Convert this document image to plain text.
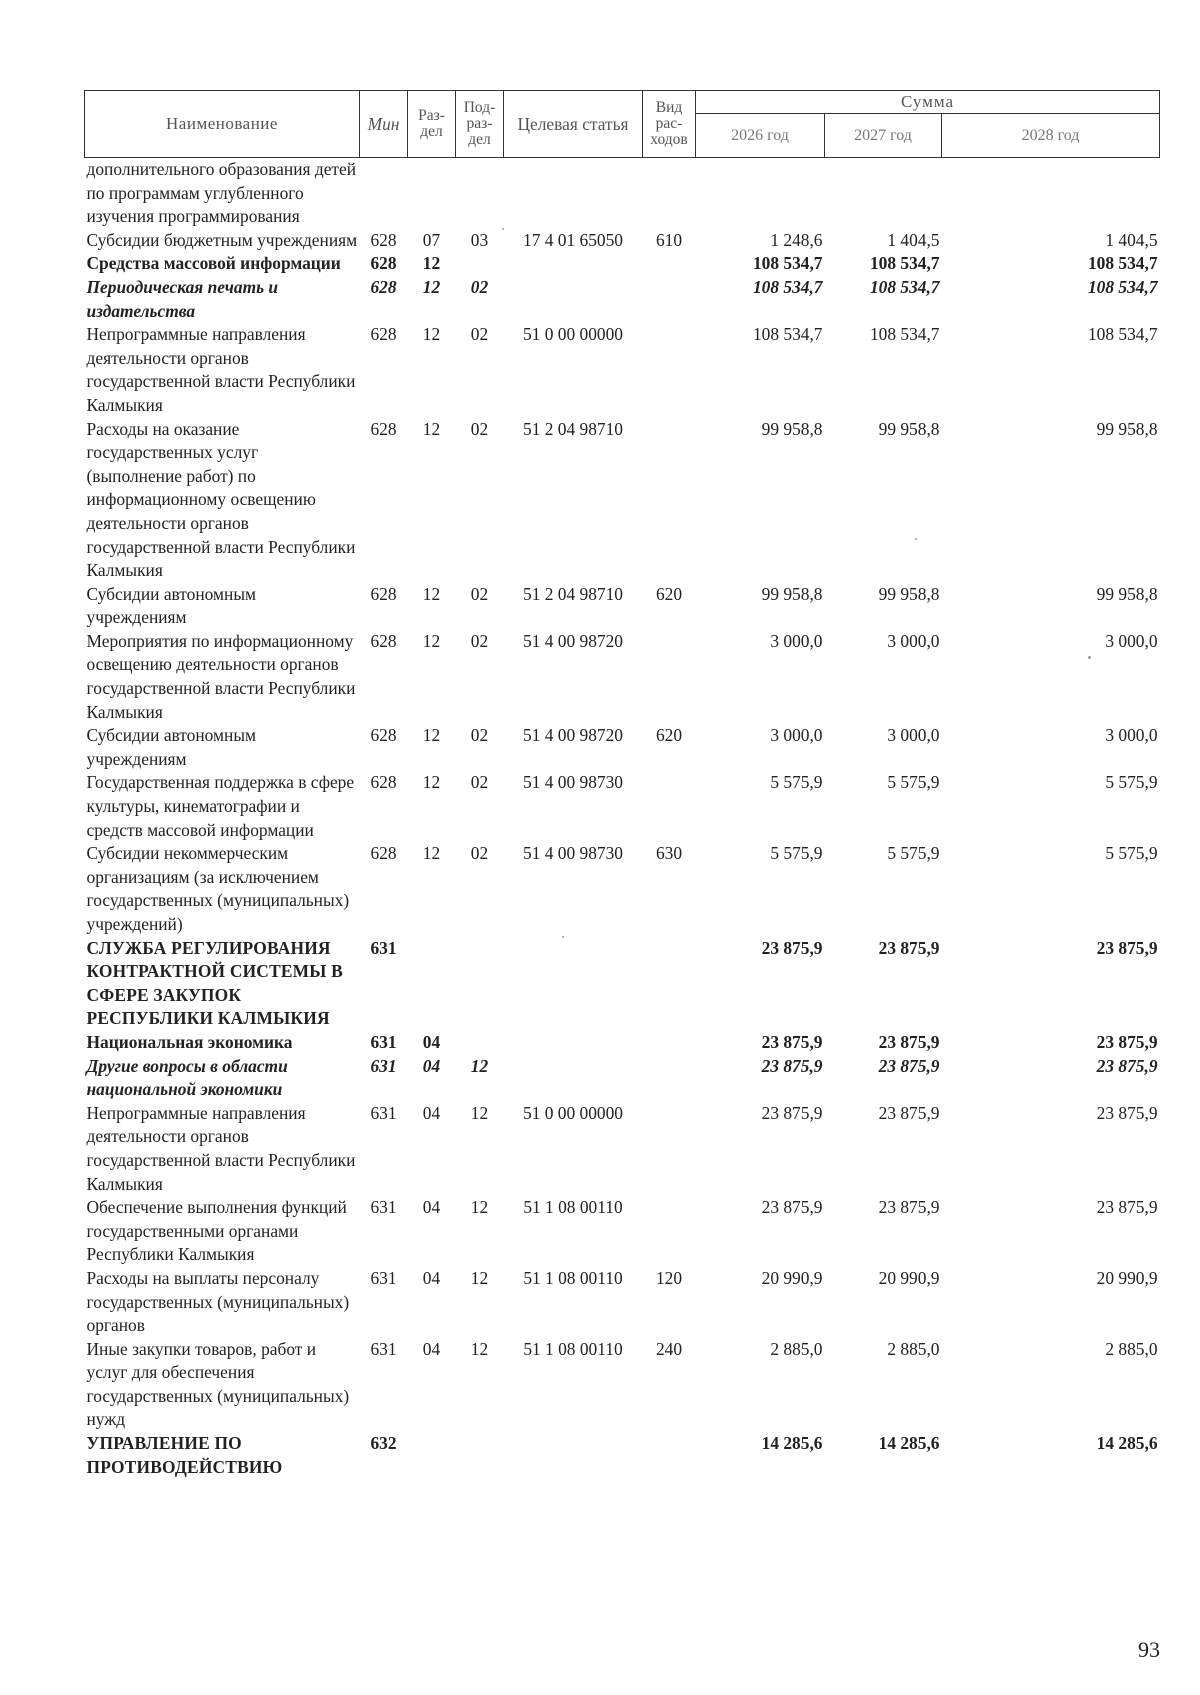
Наименование	Мин	Раз-дел	Под-раз-дел	Целевая статья	Вид рас-ходов	Сумма		
						2026 год	2027 год	2028 год
дополнительного образования детей по программам углубленного изучения программирования								
Субсидии бюджетным учреждениям	628	07	03	17 4 01 65050	610	1 248,6	1 404,5	1 404,5
Средства массовой информации	628	12				108 534,7	108 534,7	108 534,7
Периодическая печать и издательства	628	12	02			108 534,7	108 534,7	108 534,7
Непрограммные направления деятельности органов государственной власти Республики Калмыкия	628	12	02	51 0 00 00000		108 534,7	108 534,7	108 534,7
Расходы на оказание государственных услуг (выполнение работ) по информационному освещению деятельности органов государственной власти Республики Калмыкия	628	12	02	51 2 04 98710		99 958,8	99 958,8	99 958,8
Субсидии автономным учреждениям	628	12	02	51 2 04 98710	620	99 958,8	99 958,8	99 958,8
Мероприятия по информационному освещению деятельности органов государственной власти Республики Калмыкия	628	12	02	51 4 00 98720		3 000,0	3 000,0	3 000,0
Субсидии автономным учреждениям	628	12	02	51 4 00 98720	620	3 000,0	3 000,0	3 000,0
Государственная поддержка в сфере культуры, кинематографии и средств массовой информации	628	12	02	51 4 00 98730		5 575,9	5 575,9	5 575,9
Субсидии некоммерческим организациям (за исключением государственных (муниципальных) учреждений)	628	12	02	51 4 00 98730	630	5 575,9	5 575,9	5 575,9
СЛУЖБА РЕГУЛИРОВАНИЯ КОНТРАКТНОЙ СИСТЕМЫ В СФЕРЕ ЗАКУПОК РЕСПУБЛИКИ КАЛМЫКИЯ	631					23 875,9	23 875,9	23 875,9
Национальная экономика	631	04				23 875,9	23 875,9	23 875,9
Другие вопросы в области национальной экономики	631	04	12			23 875,9	23 875,9	23 875,9
Непрограммные направления деятельности органов государственной власти Республики Калмыкия	631	04	12	51 0 00 00000		23 875,9	23 875,9	23 875,9
Обеспечение выполнения функций государственными органами Республики Калмыкия	631	04	12	51 1 08 00110		23 875,9	23 875,9	23 875,9
Расходы на выплаты персоналу государственных (муниципальных) органов	631	04	12	51 1 08 00110	120	20 990,9	20 990,9	20 990,9
Иные закупки товаров, работ и услуг для обеспечения государственных (муниципальных) нужд	631	04	12	51 1 08 00110	240	2 885,0	2 885,0	2 885,0
УПРАВЛЕНИЕ ПО ПРОТИВОДЕЙСТВИЮ	632					14 285,6	14 285,6	14 285,6
93
